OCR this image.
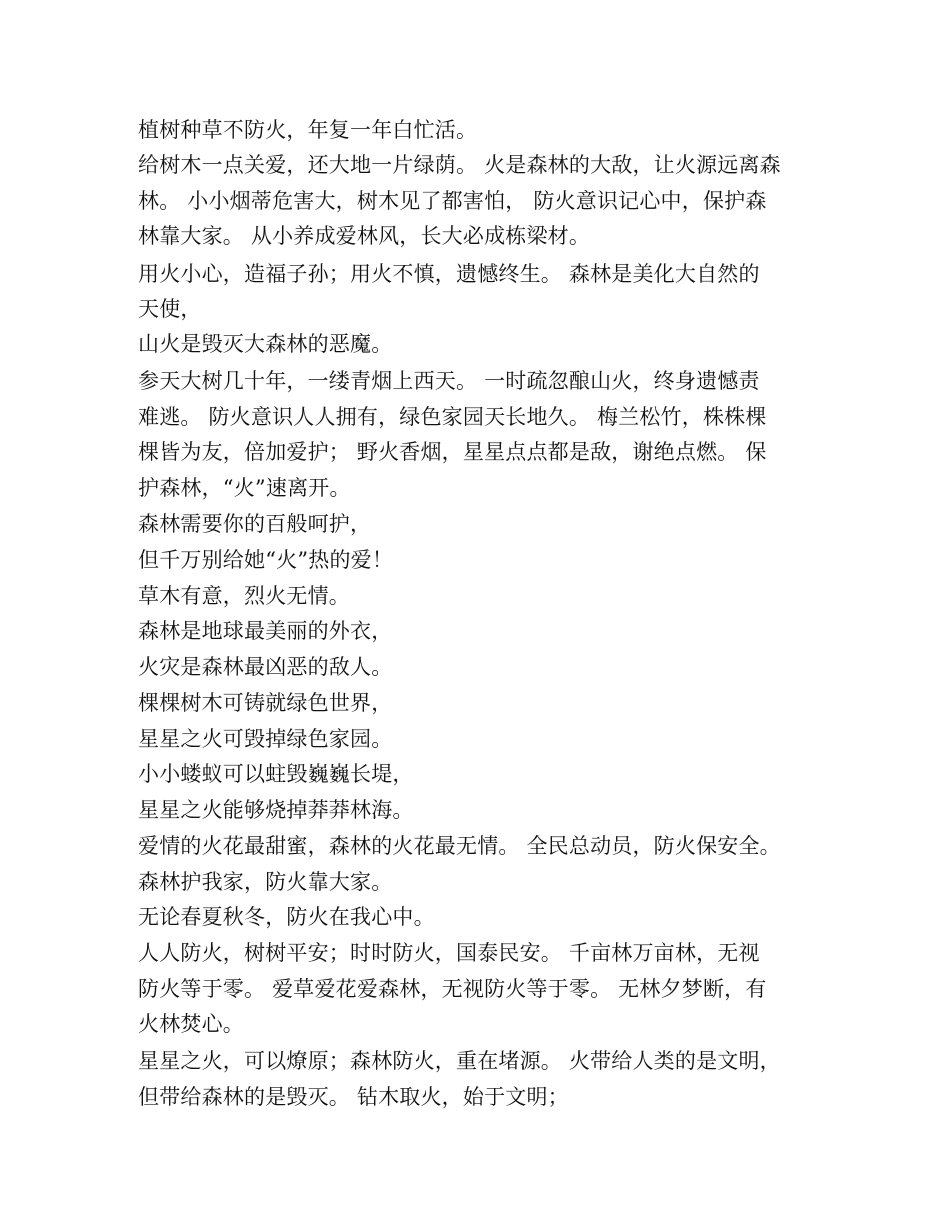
植树种草不防火，年复一年白忙活。
给树木一点关爱，还大地一片绿荫。 火是森林的大敌，让火源远离森
林。 小小烟蒂危害大，树木见了都害怕， 防火意识记心中，保护森
林靠大家。 从小养成爱林风，长大必成栋梁材。
用火小心，造福子孙；用火不慎，遗憾终生。 森林是美化大自然的
天使，
山火是毁灭大森林的恶魔。
参天大树几十年，一缕青烟上西天。 一时疏忽酿山火，终身遗憾责
难逃。 防火意识人人拥有，绿色家园天长地久。 梅兰松竹，株株棵
棵皆为友，倍加爱护； 野火香烟，星星点点都是敌，谢绝点燃。 保
护森林，“火”速离开。
森林需要你的百般呵护，
但千万别给她“火”热的爱！
草木有意，烈火无情。
森林是地球最美丽的外衣，
火灾是森林最凶恶的敌人。
棵棵树木可铸就绿色世界，
星星之火可毁掉绿色家园。
小小蝼蚁可以蛀毁巍巍长堤，
星星之火能够烧掉莽莽林海。
爱情的火花最甜蜜，森林的火花最无情。 全民总动员，防火保安全。
森林护我家，防火靠大家。
无论春夏秋冬，防火在我心中。
人人防火，树树平安；时时防火，国泰民安。 千亩林万亩林，无视
防火等于零。 爱草爱花爱森林，无视防火等于零。 无林夕梦断，有
火林焚心。
星星之火，可以燎原；森林防火，重在堵源。 火带给人类的是文明，
但带给森林的是毁灭。 钻木取火，始于文明；
